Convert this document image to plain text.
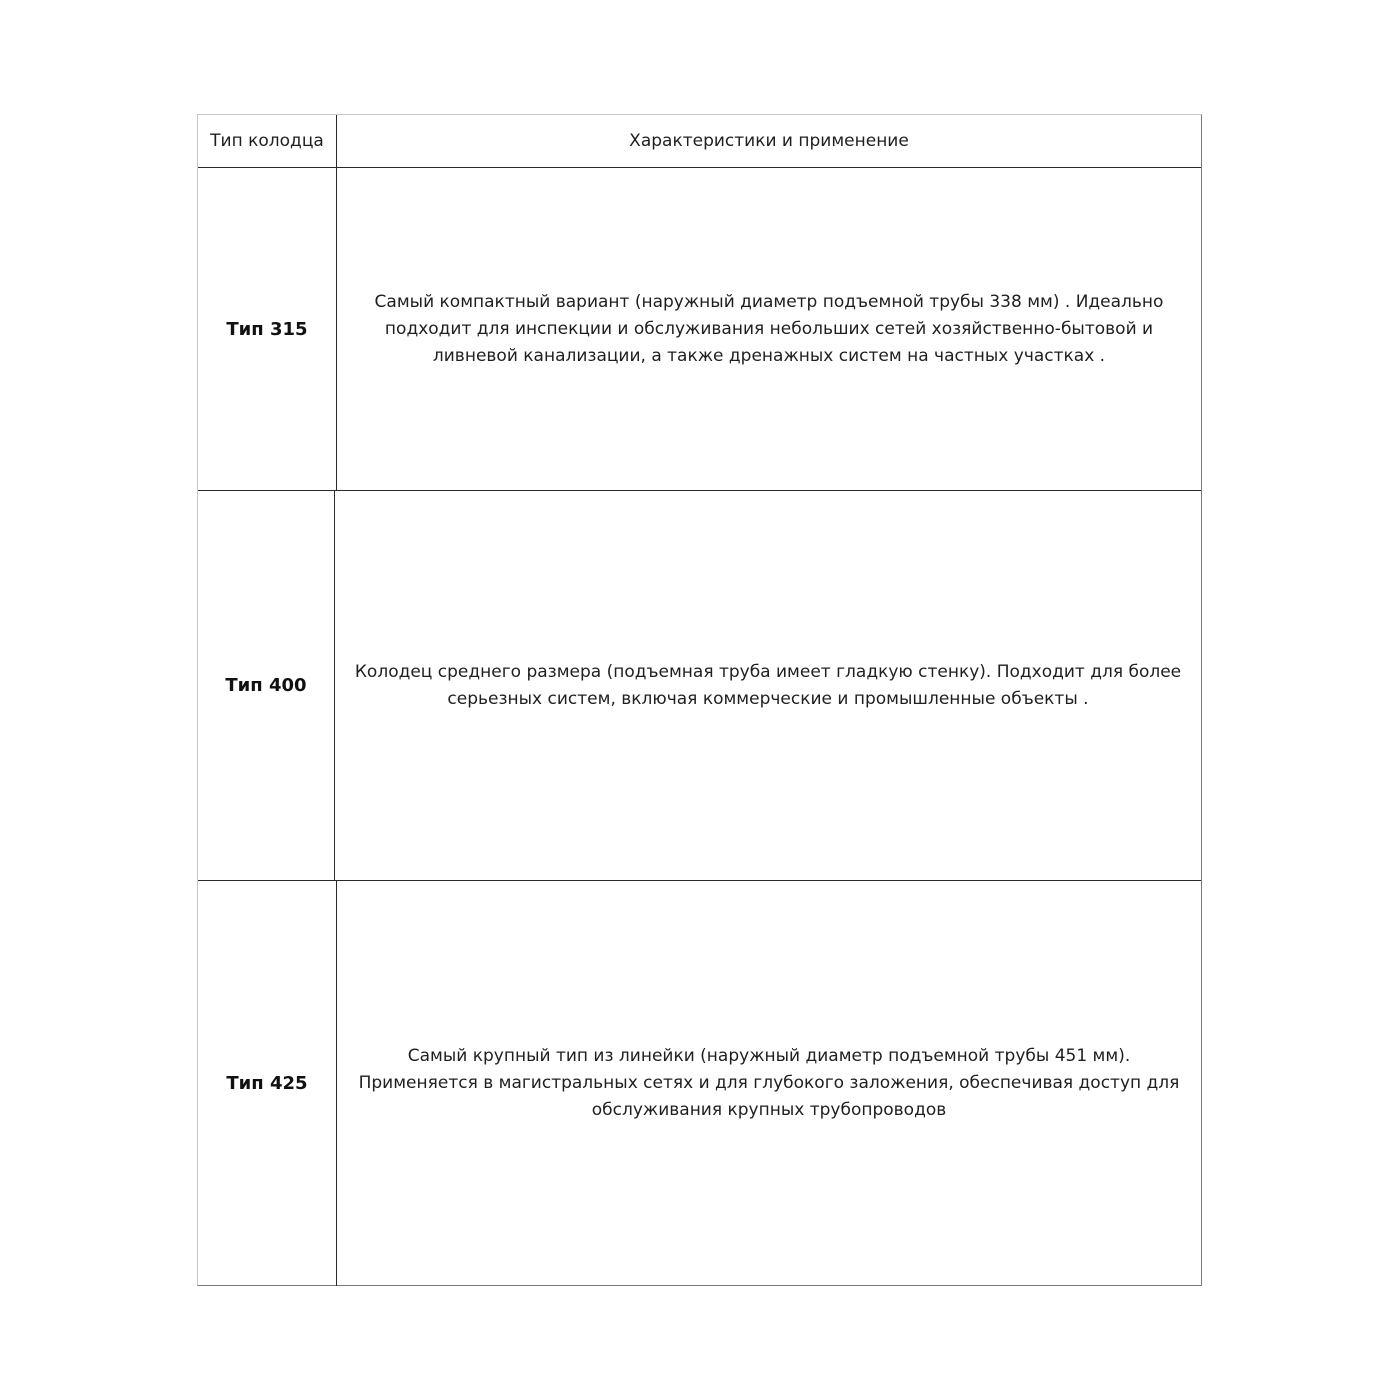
Тип колодца	Характеристики и применение
Тип 315
Самый компактный вариант (наружный диаметр подъемной трубы 338 мм) . Идеально подходит для инспекции и обслуживания небольших сетей хозяйственно-бытовой и ливневой канализации, а также дренажных систем на частных участках .
Тип 400
Колодец среднего размера (подъемная труба имеет гладкую стенку). Подходит для более серьезных систем, включая коммерческие и промышленные объекты .
Тип 425
Самый крупный тип из линейки (наружный диаметр подъемной трубы 451 мм). Применяется в магистральных сетях и для глубокого заложения, обеспечивая доступ для обслуживания крупных трубопроводов
